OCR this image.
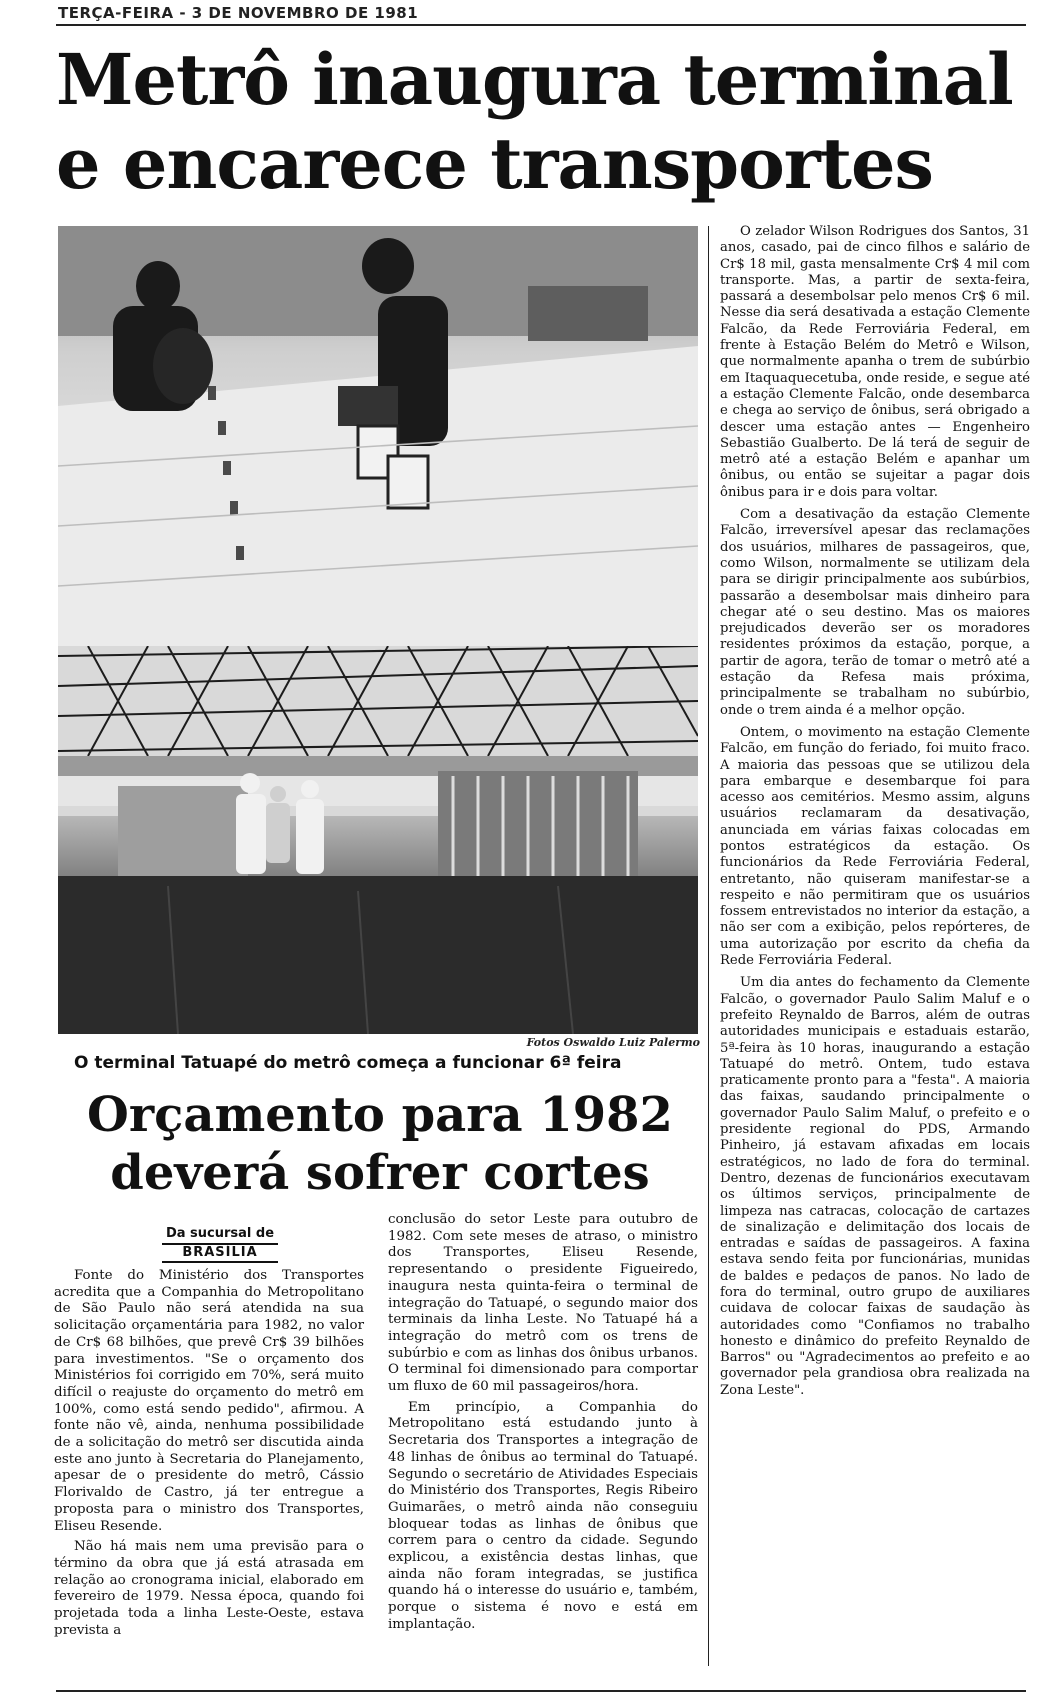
TERÇA-FEIRA - 3 DE NOVEMBRO DE 1981
Metrô inaugura terminal
e encarece transportes
Fotos Oswaldo Luiz Palermo
O terminal Tatuapé do metrô começa a funcionar 6ª feira
Orçamento para 1982
deverá sofrer cortes
Da sucursal de
BRASÍLIA

Fonte do Ministério dos Transportes acredita que a Companhia do Metropolitano de São Paulo não será atendida na sua solicitação orçamentária para 1982, no valor de Cr$ 68 bilhões, que prevê Cr$ 39 bilhões para investimentos. "Se o orçamento dos Ministérios foi corrigido em 70%, será muito difícil o reajuste do orçamento do metrô em 100%, como está sendo pedido", afirmou. A fonte não vê, ainda, nenhuma possibilidade de a solicitação do metrô ser discutida ainda este ano junto à Secretaria do Planejamento, apesar de o presidente do metrô, Cássio Florivaldo de Castro, já ter entregue a proposta para o ministro dos Transportes, Eliseu Resende.

Não há mais nem uma previsão para o término da obra que já está atrasada em relação ao cronograma inicial, elaborado em fevereiro de 1979. Nessa época, quando foi projetada toda a linha Leste-Oeste, estava prevista a

conclusão do setor Leste para outubro de 1982. Com sete meses de atraso, o ministro dos Transportes, Eliseu Resende, representando o presidente Figueiredo, inaugura nesta quinta-feira o terminal de integração do Tatuapé, o segundo maior dos terminais da linha Leste. No Tatuapé há a integração do metrô com os trens de subúrbio e com as linhas dos ônibus urbanos. O terminal foi dimensionado para comportar um fluxo de 60 mil passageiros/hora.

Em princípio, a Companhia do Metropolitano está estudando junto à Secretaria dos Transportes a integração de 48 linhas de ônibus ao terminal do Tatuapé. Segundo o secretário de Atividades Especiais do Ministério dos Transportes, Regis Ribeiro Guimarães, o metrô ainda não conseguiu bloquear todas as linhas de ônibus que correm para o centro da cidade. Segundo explicou, a existência destas linhas, que ainda não foram integradas, se justifica quando há o interesse do usuário e, também, porque o sistema é novo e está em implantação.

O zelador Wilson Rodrigues dos Santos, 31 anos, casado, pai de cinco filhos e salário de Cr$ 18 mil, gasta mensalmente Cr$ 4 mil com transporte. Mas, a partir de sexta-feira, passará a desembolsar pelo menos Cr$ 6 mil. Nesse dia será desativada a estação Clemente Falcão, da Rede Ferroviária Federal, em frente à Estação Belém do Metrô e Wilson, que normalmente apanha o trem de subúrbio em Itaquaquecetuba, onde reside, e segue até a estação Clemente Falcão, onde desembarca e chega ao serviço de ônibus, será obrigado a descer uma estação antes — Engenheiro Sebastião Gualberto. De lá terá de seguir de metrô até a estação Belém e apanhar um ônibus, ou então se sujeitar a pagar dois ônibus para ir e dois para voltar.

Com a desativação da estação Clemente Falcão, irreversível apesar das reclamações dos usuários, milhares de passageiros, que, como Wilson, normalmente se utilizam dela para se dirigir principalmente aos subúrbios, passarão a desembolsar mais dinheiro para chegar até o seu destino. Mas os maiores prejudicados deverão ser os moradores residentes próximos da estação, porque, a partir de agora, terão de tomar o metrô até a estação da Refesa mais próxima, principalmente se trabalham no subúrbio, onde o trem ainda é a melhor opção.

Ontem, o movimento na estação Clemente Falcão, em função do feriado, foi muito fraco. A maioria das pessoas que se utilizou dela para embarque e desembarque foi para acesso aos cemitérios. Mesmo assim, alguns usuários reclamaram da desativação, anunciada em várias faixas colocadas em pontos estratégicos da estação. Os funcionários da Rede Ferroviária Federal, entretanto, não quiseram manifestar-se a respeito e não permitiram que os usuários fossem entrevistados no interior da estação, a não ser com a exibição, pelos repórteres, de uma autorização por escrito da chefia da Rede Ferroviária Federal.

Um dia antes do fechamento da Clemente Falcão, o governador Paulo Salim Maluf e o prefeito Reynaldo de Barros, além de outras autoridades municipais e estaduais estarão, 5ª-feira às 10 horas, inaugurando a estação Tatuapé do metrô. Ontem, tudo estava praticamente pronto para a "festa". A maioria das faixas, saudando principalmente o governador Paulo Salim Maluf, o prefeito e o presidente regional do PDS, Armando Pinheiro, já estavam afixadas em locais estratégicos, no lado de fora do terminal. Dentro, dezenas de funcionários executavam os últimos serviços, principalmente de limpeza nas catracas, colocação de cartazes de sinalização e delimitação dos locais de entradas e saídas de passageiros. A faxina estava sendo feita por funcionárias, munidas de baldes e pedaços de panos. No lado de fora do terminal, outro grupo de auxiliares cuidava de colocar faixas de saudação às autoridades como "Confiamos no trabalho honesto e dinâmico do prefeito Reynaldo de Barros" ou "Agradecimentos ao prefeito e ao governador pela grandiosa obra realizada na Zona Leste".
